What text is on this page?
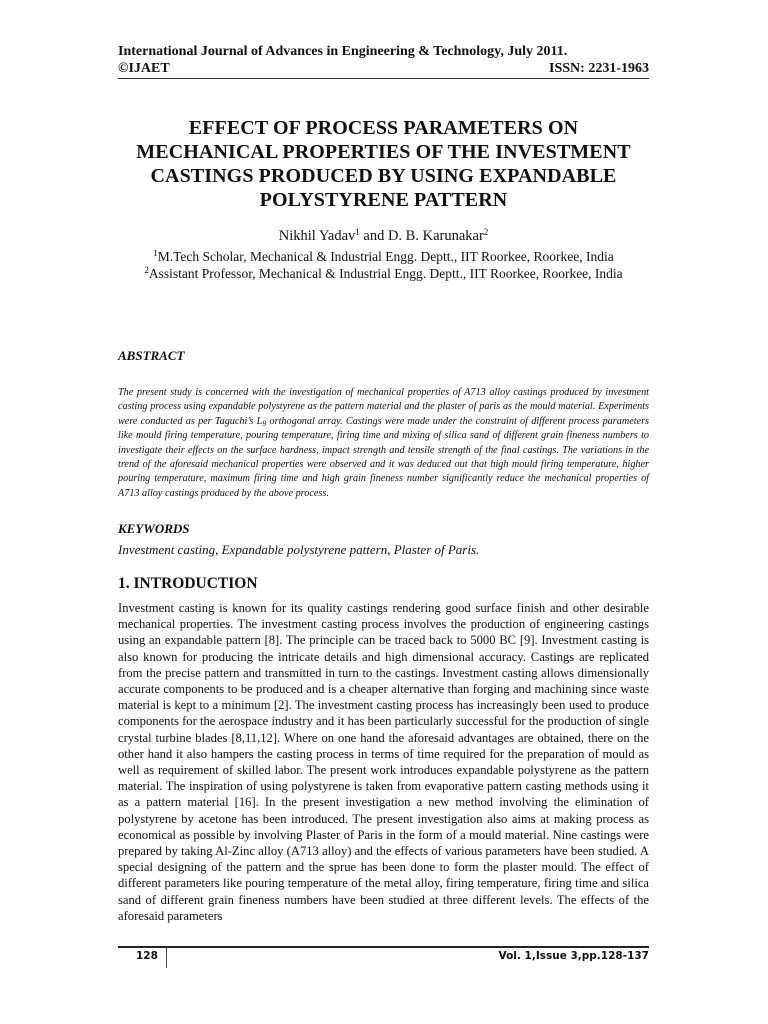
International Journal of Advances in Engineering & Technology, July 2011.
©IJAET	ISSN: 2231-1963
EFFECT OF PROCESS PARAMETERS ON
MECHANICAL PROPERTIES OF THE INVESTMENT
CASTINGS PRODUCED BY USING EXPANDABLE
POLYSTYRENE PATTERN
Nikhil Yadav$^1$ and D. B. Karunakar$^2$
$^1$M.Tech Scholar, Mechanical & Industrial Engg. Deptt., IIT Roorkee, Roorkee, India
$^2$Assistant Professor, Mechanical & Industrial Engg. Deptt., IIT Roorkee, Roorkee, India
ABSTRACT
The present study is concerned with the investigation of mechanical properties of A713 alloy castings produced by investment casting process using expandable polystyrene as the pattern material and the plaster of paris as the mould material. Experiments were conducted as per Taguchi’s $L_9$ orthogonal array. Castings were made under the constraint of different process parameters like mould firing temperature, pouring temperature, firing time and mixing of silica sand of different grain fineness numbers to investigate their effects on the surface hardness, impact strength and tensile strength of the final castings. The variations in the trend of the aforesaid mechanical properties were observed and it was deduced out that high mould firing temperature, higher pouring temperature, maximum firing time and high grain fineness number significantly reduce the mechanical properties of A713 alloy castings produced by the above process.
KEYWORDS
Investment casting, Expandable polystyrene pattern, Plaster of Paris.
1. INTRODUCTION
Investment casting is known for its quality castings rendering good surface finish and other desirable mechanical properties. The investment casting process involves the production of engineering castings using an expandable pattern [8]. The principle can be traced back to 5000 BC [9]. Investment casting is also known for producing the intricate details and high dimensional accuracy. Castings are replicated from the precise pattern and transmitted in turn to the castings. Investment casting allows dimensionally accurate components to be produced and is a cheaper alternative than forging and machining since waste material is kept to a minimum [2]. The investment casting process has increasingly been used to produce components for the aerospace industry and it has been particularly successful for the production of single crystal turbine blades [8,11,12]. Where on one hand the aforesaid advantages are obtained, there on the other hand it also hampers the casting process in terms of time required for the preparation of mould as well as requirement of skilled labor. The present work introduces expandable polystyrene as the pattern material. The inspiration of using polystyrene is taken from evaporative pattern casting methods using it as a pattern material [16]. In the present investigation a new method involving the elimination of polystyrene by acetone has been introduced. The present investigation also aims at making process as economical as possible by involving Plaster of Paris in the form of a mould material. Nine castings were prepared by taking Al-Zinc alloy (A713 alloy) and the effects of various parameters have been studied. A special designing of the pattern and the sprue has been done to form the plaster mould. The effect of different parameters like pouring temperature of the metal alloy, firing temperature, firing time and silica sand of different grain fineness numbers have been studied at three different levels. The effects of the aforesaid parameters
128	Vol. 1,Issue 3,pp.128-137
